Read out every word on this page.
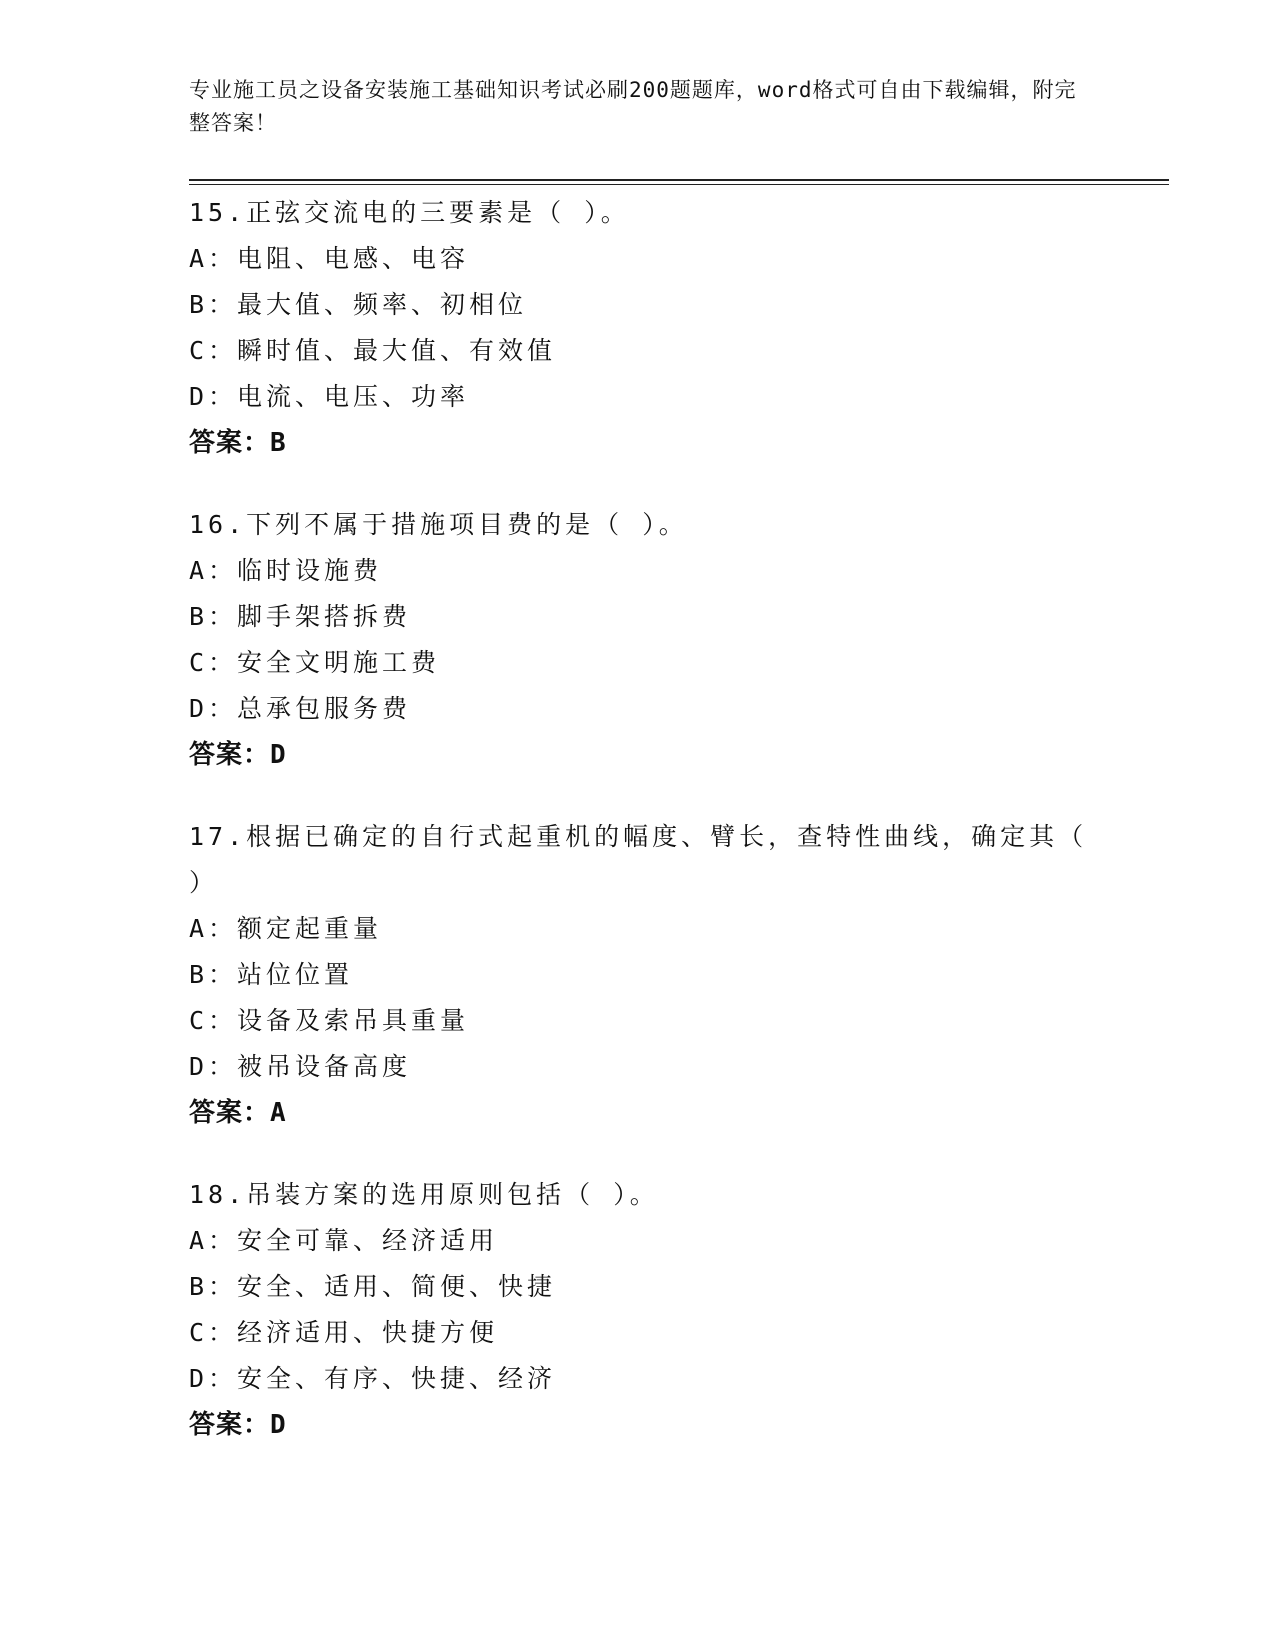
专业施工员之设备安装施工基础知识考试必刷200题题库，word格式可自由下载编辑，附完整答案！
15.正弦交流电的三要素是（ ）。
A：电阻、电感、电容
B：最大值、频率、初相位
C：瞬时值、最大值、有效值
D：电流、电压、功率
答案：B
16.下列不属于措施项目费的是（ ）。
A：临时设施费
B：脚手架搭拆费
C：安全文明施工费
D：总承包服务费
答案：D
17.根据已确定的自行式起重机的幅度、臂长，查特性曲线，确定其（ ）
A：额定起重量
B：站位位置
C：设备及索吊具重量
D：被吊设备高度
答案：A
18.吊装方案的选用原则包括（ ）。
A：安全可靠、经济适用
B：安全、适用、简便、快捷
C：经济适用、快捷方便
D：安全、有序、快捷、经济
答案：D
